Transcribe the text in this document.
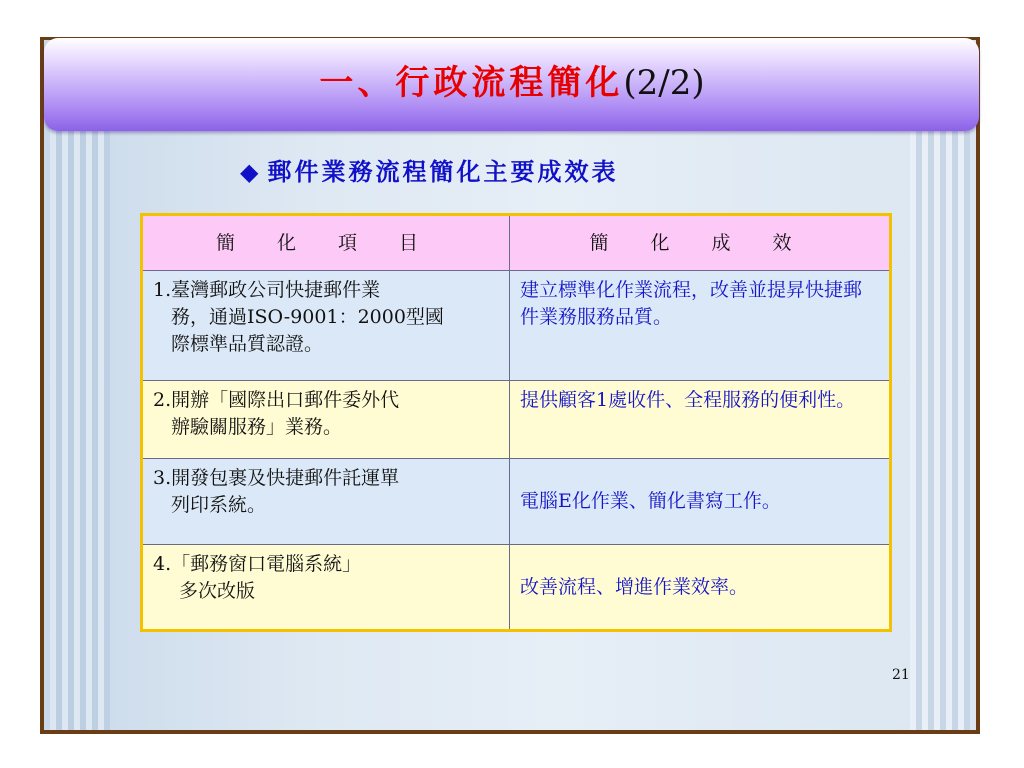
一、行政流程簡化(2/2)
◆ 郵件業務流程簡化主要成效表
簡 化 項 目	簡 化 成 效
1.臺灣郵政公司快捷郵件業

務，通過ISO-9001：2000型國
際標準品質認證。	建立標準化作業流程，改善並提昇快捷郵件業務服務品質。
2.開辦「國際出口郵件委外代

辦驗關服務」業務。	提供顧客1處收件、全程服務的便利性。
3.開發包裹及快捷郵件託運單

列印系統。	電腦E化作業、簡化書寫工作。
4.「郵務窗口電腦系統」

多次改版	改善流程、增進作業效率。
21
